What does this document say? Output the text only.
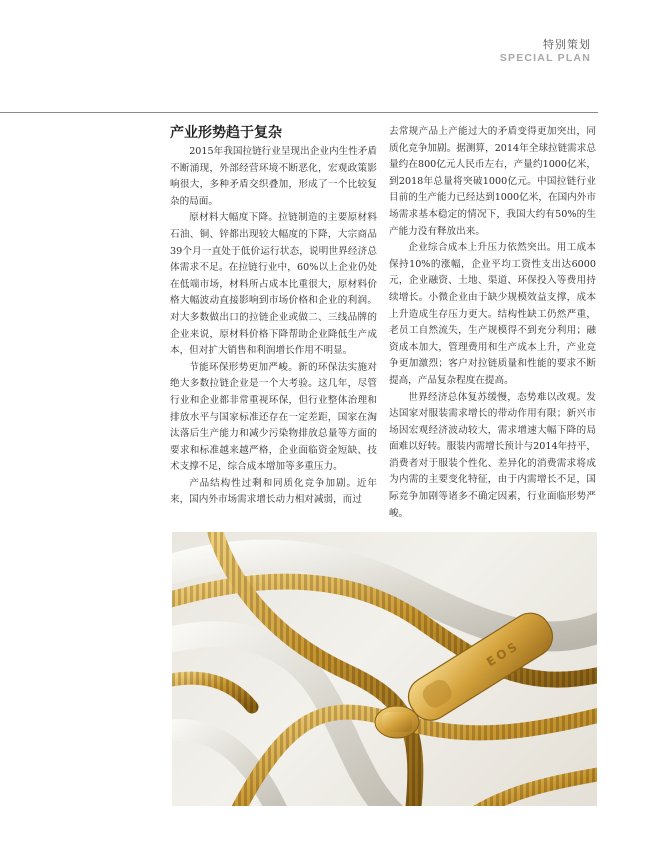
特别策划
SPECIAL PLAN
产业形势趋于复杂

2015年我国拉链行业呈现出企业内生性矛盾不断涌现，外部经营环境不断恶化，宏观政策影响很大，多种矛盾交织叠加，形成了一个比较复杂的局面。

原材料大幅度下降。拉链制造的主要原材料石油、铜、锌都出现较大幅度的下降，大宗商品39个月一直处于低价运行状态，说明世界经济总体需求不足。在拉链行业中，60%以上企业仍处在低端市场，材料所占成本比重很大，原材料价格大幅波动直接影响到市场价格和企业的利润。对大多数做出口的拉链企业或做二、三线品牌的企业来说，原材料价格下降帮助企业降低生产成本，但对扩大销售和利润增长作用不明显。

节能环保形势更加严峻。新的环保法实施对绝大多数拉链企业是一个大考验。这几年，尽管行业和企业都非常重视环保，但行业整体治理和排放水平与国家标准还存在一定差距，国家在淘汰落后生产能力和减少污染物排放总量等方面的要求和标准越来越严格，企业面临资金短缺、技术支撑不足，综合成本增加等多重压力。

产品结构性过剩和同质化竞争加剧。近年来，国内外市场需求增长动力相对减弱，而过

去常规产品上产能过大的矛盾变得更加突出，同质化竞争加剧。据测算，2014年全球拉链需求总量约在800亿元人民币左右，产量约1000亿米，到2018年总量将突破1000亿元。中国拉链行业目前的生产能力已经达到1000亿米，在国内外市场需求基本稳定的情况下，我国大约有50%的生产能力没有释放出来。

企业综合成本上升压力依然突出。用工成本保持10%的涨幅，企业平均工资性支出达6000元，企业融资、土地、渠道、环保投入等费用持续增长。小微企业由于缺少规模效益支撑，成本上升造成生存压力更大。结构性缺工仍然严重，老员工自然流失，生产规模得不到充分利用；融资成本加大，管理费用和生产成本上升，产业竞争更加激烈；客户对拉链质量和性能的要求不断提高，产品复杂程度在提高。

世界经济总体复苏缓慢，态势难以改观。发达国家对服装需求增长的带动作用有限；新兴市场因宏观经济波动较大，需求增速大幅下降的局面难以好转。服装内需增长预计与2014年持平，消费者对于服装个性化、差异化的消费需求将成为内需的主要变化特征，由于内需增长不足，国际竞争加剧等诸多不确定因素，行业面临形势严峻。

EOS
